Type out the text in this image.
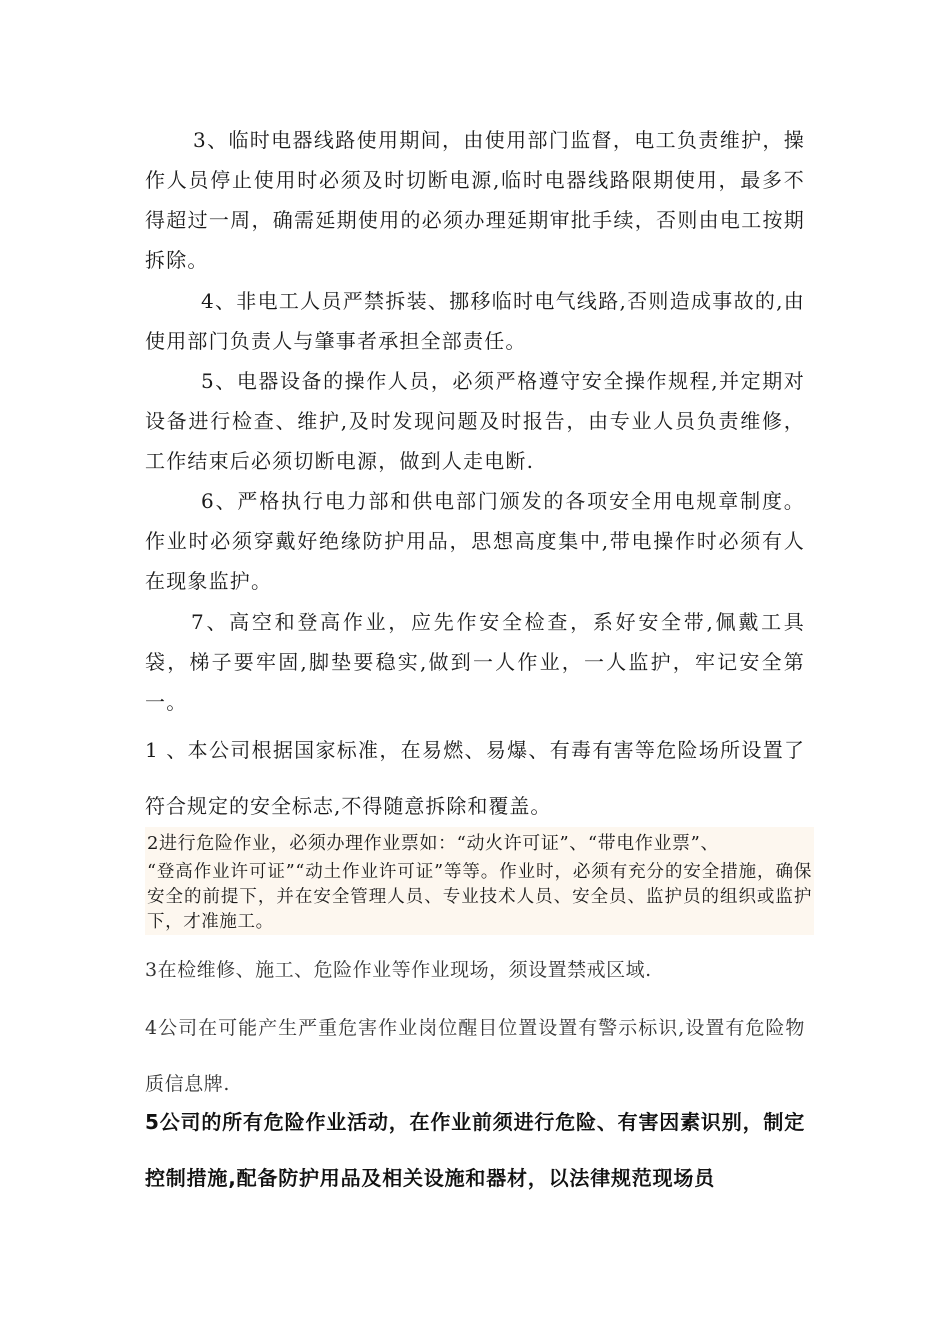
3、临时电器线路使用期间，由使用部门监督，电工负责维护，操作人员停止使用时必须及时切断电源,临时电器线路限期使用，最多不得超过一周，确需延期使用的必须办理延期审批手续，否则由电工按期拆除。

4、非电工人员严禁拆装、挪移临时电气线路,否则造成事故的,由使用部门负责人与肇事者承担全部责任。

5、电器设备的操作人员，必须严格遵守安全操作规程,并定期对设备进行检查、维护,及时发现问题及时报告，由专业人员负责维修，工作结束后必须切断电源，做到人走电断.

6、严格执行电力部和供电部门颁发的各项安全用电规章制度。作业时必须穿戴好绝缘防护用品，思想高度集中,带电操作时必须有人在现象监护。

7、高空和登高作业，应先作安全检查，系好安全带,佩戴工具袋，梯子要牢固,脚垫要稳实,做到一人作业，一人监护，牢记安全第一。

1 、本公司根据国家标准，在易燃、易爆、有毒有害等危险场所设置了符合规定的安全标志,不得随意拆除和覆盖。

2进行危险作业，必须办理作业票如：“动火许可证”、“带电作业票”、
“登高作业许可证”“动土作业许可证”等等。作业时，必须有充分的安全措施，确保安全的前提下，并在安全管理人员、专业技术人员、安全员、监护员的组织或监护下，才准施工。

3在检维修、施工、危险作业等作业现场，须设置禁戒区域.

4公司在可能产生严重危害作业岗位醒目位置设置有警示标识,设置有危险物质信息牌.

5公司的所有危险作业活动，在作业前须进行危险、有害因素识别，制定控制措施,配备防护用品及相关设施和器材，以法律规范现场员
